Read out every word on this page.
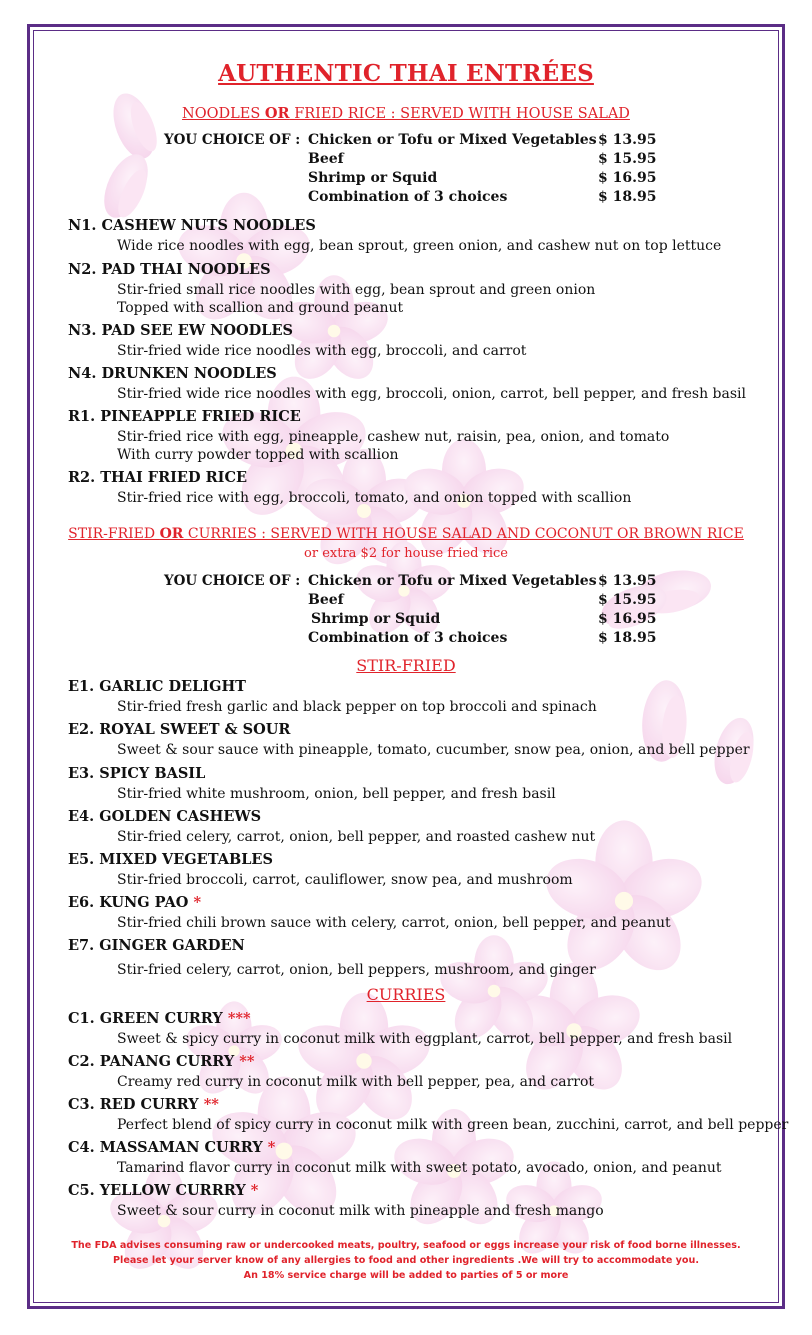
AUTHENTIC THAI ENTRÉES
NOODLES OR FRIED RICE : SERVED WITH HOUSE SALAD
YOU CHOICE OF : Chicken or Tofu or Mixed Vegetables $ 13.95
Beef	$ 15.95
Shrimp or Squid	$ 16.95
Combination of 3 choices	$ 18.95
N1. CASHEW NUTS NOODLES
Wide rice noodles with egg, bean sprout, green onion, and cashew nut on top lettuce
N2. PAD THAI NOODLES
Stir-fried small rice noodles with egg, bean sprout and green onion
Topped with scallion and ground peanut
N3. PAD SEE EW NOODLES
Stir-fried wide rice noodles with egg, broccoli, and carrot
N4. DRUNKEN NOODLES
Stir-fried wide rice noodles with egg, broccoli, onion, carrot, bell pepper, and fresh basil
R1. PINEAPPLE FRIED RICE
Stir-fried rice with egg, pineapple, cashew nut, raisin, pea, onion, and tomato
With curry powder topped with scallion
R2. THAI FRIED RICE
Stir-fried rice with egg, broccoli, tomato, and onion topped with scallion
STIR-FRIED OR CURRIES : SERVED WITH HOUSE SALAD AND COCONUT OR BROWN RICE
or extra $2 for house fried rice
YOU CHOICE OF : Chicken or Tofu or Mixed Vegetables $ 13.95
Beef	$ 15.95
Shrimp or Squid	$ 16.95
Combination of 3 choices	$ 18.95
STIR-FRIED
E1. GARLIC DELIGHT
Stir-fried fresh garlic and black pepper on top broccoli and spinach
E2. ROYAL SWEET & SOUR
Sweet & sour sauce with pineapple, tomato, cucumber, snow pea, onion, and bell pepper
E3. SPICY BASIL
Stir-fried white mushroom, onion, bell pepper, and fresh basil
E4. GOLDEN CASHEWS
Stir-fried celery, carrot, onion, bell pepper, and roasted cashew nut
E5. MIXED VEGETABLES
Stir-fried broccoli, carrot, cauliflower, snow pea, and mushroom
E6. KUNG PAO *
Stir-fried chili brown sauce with celery, carrot, onion, bell pepper, and peanut
E7. GINGER GARDEN
Stir-fried celery, carrot, onion, bell peppers, mushroom, and ginger
CURRIES
C1. GREEN CURRY ***
Sweet & spicy curry in coconut milk with eggplant, carrot, bell pepper, and fresh basil
C2. PANANG CURRY **
Creamy red curry in coconut milk with bell pepper, pea, and carrot
C3. RED CURRY **
Perfect blend of spicy curry in coconut milk with green bean, zucchini, carrot, and bell pepper
C4. MASSAMAN CURRY *
Tamarind flavor curry in coconut milk with sweet potato, avocado, onion, and peanut
C5. YELLOW CURRRY *
Sweet & sour curry in coconut milk with pineapple and fresh mango
The FDA advises consuming raw or undercooked meats, poultry, seafood or eggs increase your risk of food borne illnesses.
Please let your server know of any allergies to food and other ingredients .We will try to accommodate you.
An 18% service charge will be added to parties of 5 or more
